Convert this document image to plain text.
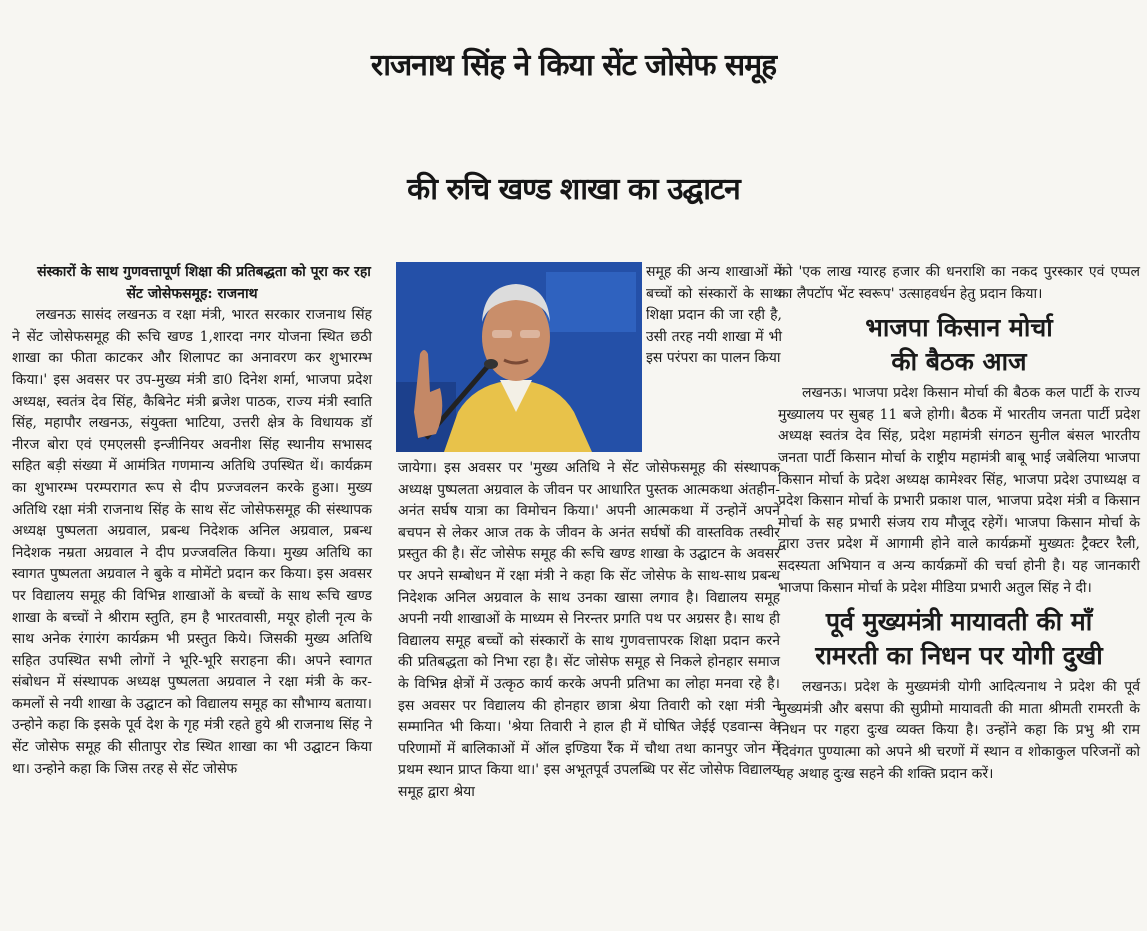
राजनाथ सिंह ने किया सेंट जोसेफ समूह
की रुचि खण्ड शाखा का उद्घाटन

संस्कारों के साथ गुणवत्तापूर्ण शिक्षा की प्रतिबद्धता को पूरा कर रहा सेंट जोसेफसमूह: राजनाथ

लखनऊ सासंद लखनऊ व रक्षा मंत्री, भारत सरकार राजनाथ सिंह ने सेंट जोसेफसमूह की रूचि खण्ड 1,शारदा नगर योजना स्थित छठी शाखा का फीता काटकर और शिलापट का अनावरण कर शुभारम्भ किया।' इस अवसर पर उप-मुख्य मंत्री डा0 दिनेश शर्मा, भाजपा प्रदेश अध्यक्ष, स्वतंत्र देव सिंह, कैबिनेट मंत्री ब्रजेश पाठक, राज्य मंत्री स्वाति सिंह, महापौर लखनऊ, संयुक्ता भाटिया, उत्तरी क्षेत्र के विधायक डॉ नीरज बोरा एवं एमएलसी इन्जीनियर अवनीश सिंह स्थानीय सभासद सहित बड़ी संख्या में आमंत्रित गणमान्य अतिथि उपस्थित थें। कार्यक्रम का शुभारम्भ परम्परागत रूप से दीप प्रज्जवलन करके हुआ। मुख्य अतिथि रक्षा मंत्री राजनाथ सिंह के साथ सेंट जोसेफसमूह की संस्थापक अध्यक्ष पुष्पलता अग्रवाल, प्रबन्ध निदेशक अनिल अग्रवाल, प्रबन्ध निदेशक नम्रता अग्रवाल ने दीप प्रज्जवलित किया। मुख्य अतिथि का स्वागत पुष्पलता अग्रवाल ने बुके व मोमेंटो प्रदान कर किया। इस अवसर पर विद्यालय समूह की विभिन्न शाखाओं के बच्चों के साथ रूचि खण्ड शाखा के बच्चों ने श्रीराम स्तुति, हम है भारतवासी, मयूर होली नृत्य के साथ अनेक रंगारंग कार्यक्रम भी प्रस्तुत किये। जिसकी मुख्य अतिथि सहित उपस्थित सभी लोगों ने भूरि-भूरि सराहना की। अपने स्वागत संबोधन में संस्थापक अध्यक्ष पुष्पलता अग्रवाल ने रक्षा मंत्री के कर-कमलों से नयी शाखा के उद्घाटन को विद्यालय समूह का सौभाग्य बताया। उन्होने कहा कि इसके पूर्व देश के गृह मंत्री रहते हुये श्री राजनाथ सिंह ने सेंट जोसेफ समूह की सीतापुर रोड स्थित शाखा का भी उद्घाटन किया था। उन्होने कहा कि जिस तरह से सेंट जोसेफ

समूह की अन्य शाखाओं में बच्चों को संस्कारों के साथ शिक्षा प्रदान की जा रही है, उसी तरह नयी शाखा में भी इस परंपरा का पालन किया

जायेगा। इस अवसर पर 'मुख्य अतिथि ने सेंट जोसेफसमूह की संस्थापक अध्यक्ष पुष्पलता अग्रवाल के जीवन पर आधारित पुस्तक आत्मकथा अंतहीन-अनंत सर्घष यात्रा का विमोचन किया।' अपनी आत्मकथा में उन्होनें अपने बचपन से लेकर आज तक के जीवन के अनंत सर्घषों की वास्तविक तस्वीर प्रस्तुत की है। सेंट जोसेफ समूह की रूचि खण्ड शाखा के उद्घाटन के अवसर पर अपने सम्बोधन में रक्षा मंत्री ने कहा कि सेंट जोसेफ के साथ-साथ प्रबन्ध निदेशक अनिल अग्रवाल के साथ उनका खासा लगाव है। विद्यालय समूह अपनी नयी शाखाओं के माध्यम से निरन्तर प्रगति पथ पर अग्रसर है। साथ ही विद्यालय समूह बच्चों को संस्कारों के साथ गुणवत्तापरक शिक्षा प्रदान करने की प्रतिबद्धता को निभा रहा है। सेंट जोसेफ समूह से निकले होनहार समाज के विभिन्न क्षेत्रों में उत्कृठ कार्य करके अपनी प्रतिभा का लोहा मनवा रहे है। इस अवसर पर विद्यालय की होनहार छात्रा श्रेया तिवारी को रक्षा मंत्री ने सम्मानित भी किया। 'श्रेया तिवारी ने हाल ही में घोषित जेईई एडवान्स के परिणामों में बालिकाओं में ऑल इण्डिया रैंक में चौथा तथा कानपुर जोन में प्रथम स्थान प्राप्त किया था।' इस अभूतपूर्व उपलब्धि पर सेंट जोसेफ विद्यालय समूह द्वारा श्रेया

को 'एक लाख ग्यारह हजार की धनराशि का नकद पुरस्कार एवं एप्पल का लैपटॉप भेंट स्वरूप' उत्साहवर्धन हेतु प्रदान किया।

भाजपा किसान मोर्चा
की बैठक आज

लखनऊ। भाजपा प्रदेश किसान मोर्चा की बैठक कल पार्टी के राज्य मुख्यालय पर सुबह 11 बजे होगी। बैठक में भारतीय जनता पार्टी प्रदेश अध्यक्ष स्वतंत्र देव सिंह, प्रदेश महामंत्री संगठन सुनील बंसल भारतीय जनता पार्टी किसान मोर्चा के राष्ट्रीय महामंत्री बाबू भाई जबेलिया भाजपा किसान मोर्चा के प्रदेश अध्यक्ष कामेश्वर सिंह, भाजपा प्रदेश उपाध्यक्ष व प्रदेश किसान मोर्चा के प्रभारी प्रकाश पाल, भाजपा प्रदेश मंत्री व किसान मोर्चा के सह प्रभारी संजय राय मौजूद रहेगें। भाजपा किसान मोर्चा के द्वारा उत्तर प्रदेश में आगामी होने वाले कार्यक्रमों मुख्यतः ट्रैक्टर रैली, सदस्यता अभियान व अन्य कार्यक्रमों की चर्चा होनी है। यह जानकारी भाजपा किसान मोर्चा के प्रदेश मीडिया प्रभारी अतुल सिंह ने दी।

पूर्व मुख्यमंत्री मायावती की माँ
रामरती का निधन पर योगी दुखी

लखनऊ। प्रदेश के मुख्यमंत्री योगी आदित्यनाथ ने प्रदेश की पूर्व मुख्यमंत्री और बसपा की सुप्रीमो मायावती की माता श्रीमती रामरती के निधन पर गहरा दुःख व्यक्त किया है। उन्होंने कहा कि प्रभु श्री राम दिवंगत पुण्यात्मा को अपने श्री चरणों में स्थान व शोकाकुल परिजनों को यह अथाह दुःख सहने की शक्ति प्रदान करें।
